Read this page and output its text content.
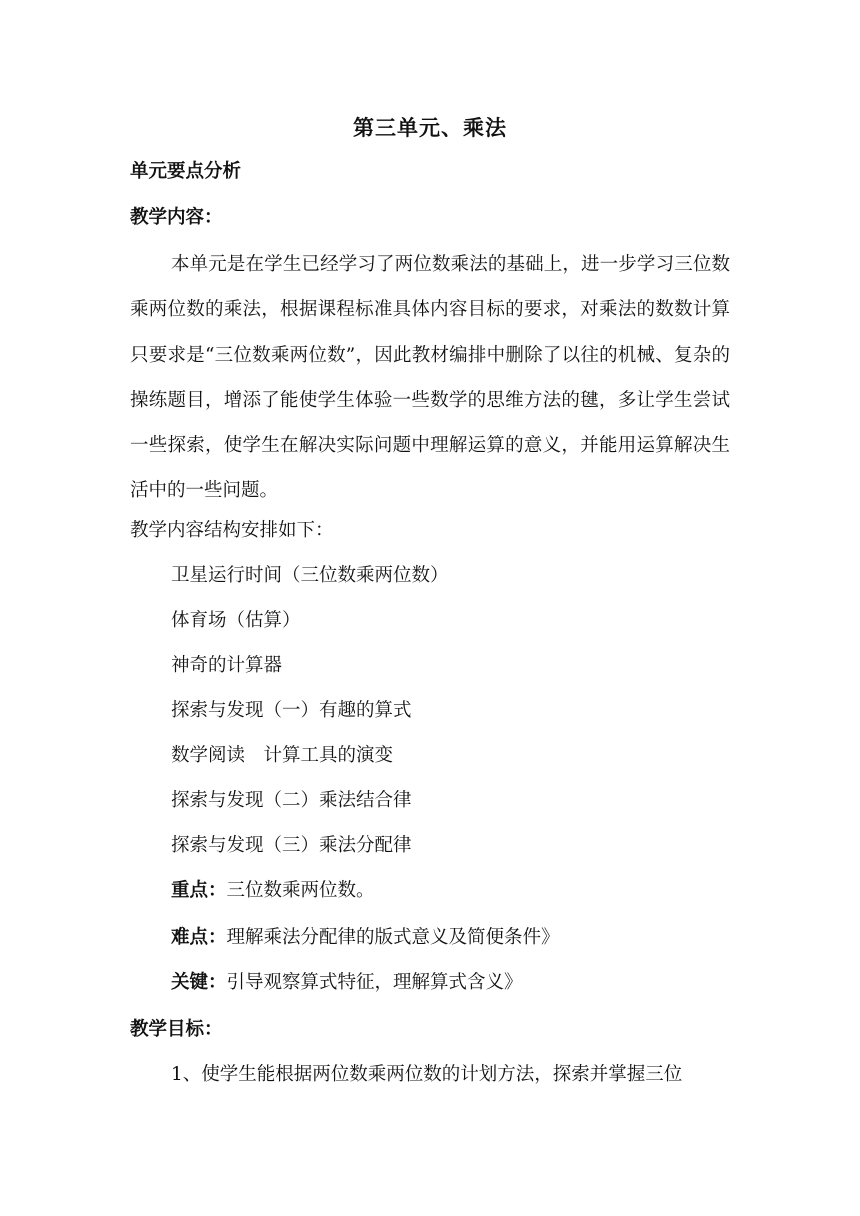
第三单元、乘法
单元要点分析
教学内容：
本单元是在学生已经学习了两位数乘法的基础上，进一步学习三位数乘两位数的乘法，根据课程标准具体内容目标的要求，对乘法的数数计算只要求是“三位数乘两位数”，因此教材编排中删除了以往的机械、复杂的操练题目，增添了能使学生体验一些数学的思维方法的毽，多让学生尝试一些探索，使学生在解决实际问题中理解运算的意义，并能用运算解决生活中的一些问题。
教学内容结构安排如下：
卫星运行时间（三位数乘两位数）
体育场（估算）
神奇的计算器
探索与发现（一）有趣的算式
数学阅读　计算工具的演变
探索与发现（二）乘法结合律
探索与发现（三）乘法分配律
重点：三位数乘两位数。
难点：理解乘法分配律的版式意义及简便条件》
关键：引导观察算式特征，理解算式含义》
教学目标：
1、使学生能根据两位数乘两位数的计划方法，探索并掌握三位
